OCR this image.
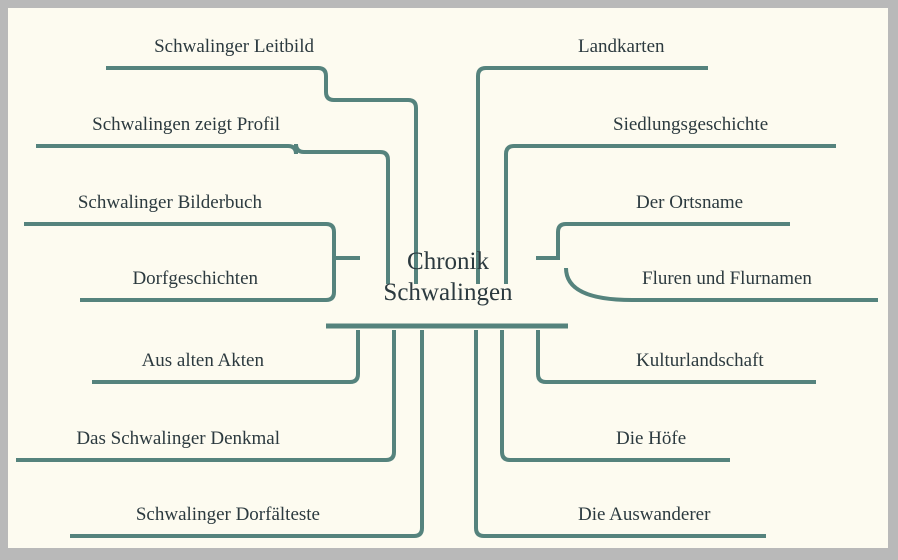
Chronik
Schwalingen
Schwalinger Leitbild
Schwalingen zeigt Profil
Schwalinger Bilderbuch
Dorfgeschichten
Aus alten Akten
Das Schwalinger Denkmal
Schwalinger Dorfälteste
Landkarten
Siedlungsgeschichte
Der Ortsname
Fluren und Flurnamen
Kulturlandschaft
Die Höfe
Die Auswanderer
